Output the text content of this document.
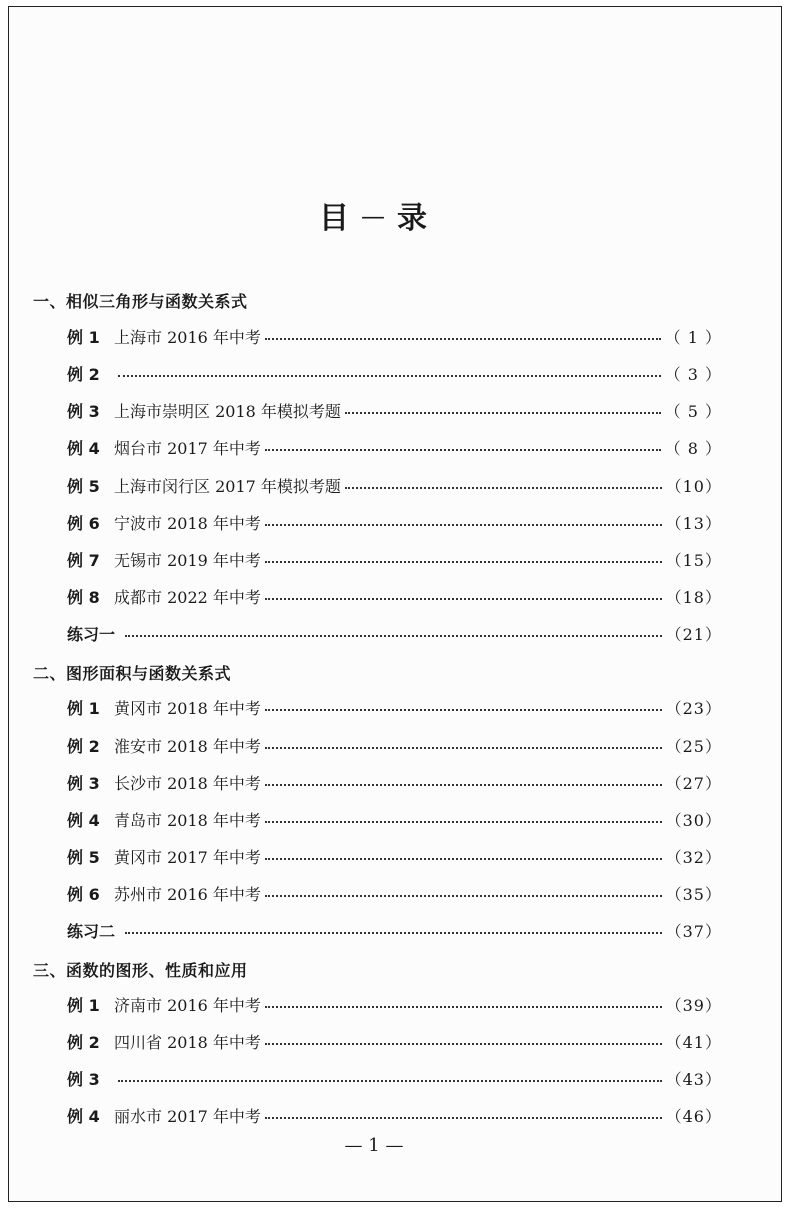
目 — 录
一、相似三角形与函数关系式
例 1 上海市 2016 年中考	（ 1 ）
例 2	（ 3 ）
例 3 上海市崇明区 2018 年模拟考题	（ 5 ）
例 4 烟台市 2017 年中考	（ 8 ）
例 5 上海市闵行区 2017 年模拟考题	（10）
例 6 宁波市 2018 年中考	（13）
例 7 无锡市 2019 年中考	（15）
例 8 成都市 2022 年中考	（18）
练习一	（21）
二、图形面积与函数关系式
例 1 黄冈市 2018 年中考	（23）
例 2 淮安市 2018 年中考	（25）
例 3 长沙市 2018 年中考	（27）
例 4 青岛市 2018 年中考	（30）
例 5 黄冈市 2017 年中考	（32）
例 6 苏州市 2016 年中考	（35）
练习二	（37）
三、函数的图形、性质和应用
例 1 济南市 2016 年中考	（39）
例 2 四川省 2018 年中考	（41）
例 3	（43）
例 4 丽水市 2017 年中考	（46）
— 1 —
